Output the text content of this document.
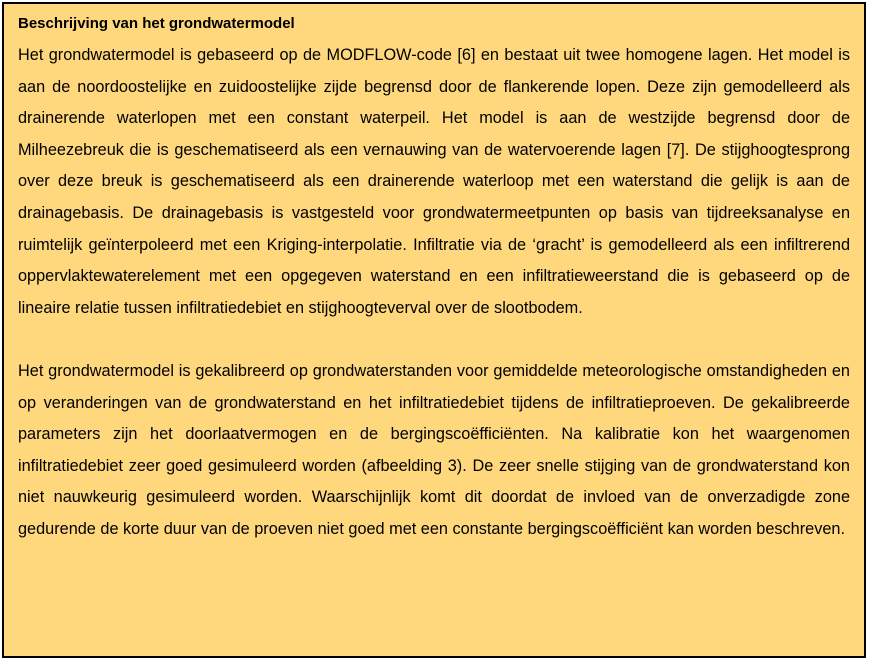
Beschrijving van het grondwatermodel

Het grondwatermodel is gebaseerd op de MODFLOW-code [6] en bestaat uit twee homogene lagen. Het model is aan de noordoostelijke en zuidoostelijke zijde begrensd door de flankerende lopen. Deze zijn gemodelleerd als drainerende waterlopen met een constant waterpeil. Het model is aan de westzijde begrensd door de Milheezebreuk die is geschematiseerd als een vernauwing van de watervoerende lagen [7]. De stijghoogtesprong over deze breuk is geschematiseerd als een drainerende waterloop met een waterstand die gelijk is aan de drainagebasis. De drainagebasis is vastgesteld voor grondwatermeetpunten op basis van tijdreeksanalyse en ruimtelijk geïnterpoleerd met een Kriging-interpolatie. Infiltratie via de ‘gracht’ is gemodelleerd als een infiltrerend oppervlaktewaterelement met een opgegeven waterstand en een infiltratieweerstand die is gebaseerd op de lineaire relatie tussen infiltratiedebiet en stijghoogteverval over de slootbodem.

Het grondwatermodel is gekalibreerd op grondwaterstanden voor gemiddelde meteorologische omstandigheden en op veranderingen van de grondwaterstand en het infiltratiedebiet tijdens de infiltratieproeven. De gekalibreerde parameters zijn het doorlaatvermogen en de bergingscoëfficiënten. Na kalibratie kon het waargenomen infiltratiedebiet zeer goed gesimuleerd worden (afbeelding 3). De zeer snelle stijging van de grondwaterstand kon niet nauwkeurig gesimuleerd worden. Waarschijnlijk komt dit doordat de invloed van de onverzadigde zone gedurende de korte duur van de proeven niet goed met een constante bergingscoëfficiënt kan worden beschreven.
